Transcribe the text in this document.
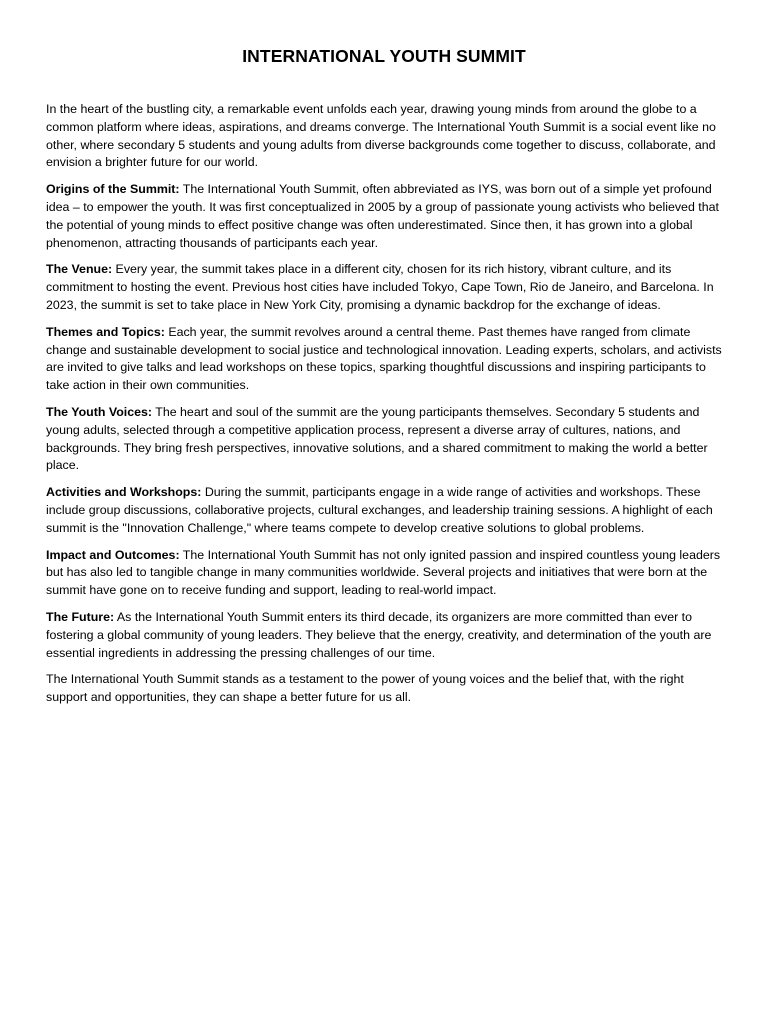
INTERNATIONAL YOUTH SUMMIT

In the heart of the bustling city, a remarkable event unfolds each year, drawing young minds from around the globe to a common platform where ideas, aspirations, and dreams converge. The International Youth Summit is a social event like no other, where secondary 5 students and young adults from diverse backgrounds come together to discuss, collaborate, and envision a brighter future for our world.

Origins of the Summit: The International Youth Summit, often abbreviated as IYS, was born out of a simple yet profound idea – to empower the youth. It was first conceptualized in 2005 by a group of passionate young activists who believed that the potential of young minds to effect positive change was often underestimated. Since then, it has grown into a global phenomenon, attracting thousands of participants each year.

The Venue: Every year, the summit takes place in a different city, chosen for its rich history, vibrant culture, and its commitment to hosting the event. Previous host cities have included Tokyo, Cape Town, Rio de Janeiro, and Barcelona. In 2023, the summit is set to take place in New York City, promising a dynamic backdrop for the exchange of ideas.

Themes and Topics: Each year, the summit revolves around a central theme. Past themes have ranged from climate change and sustainable development to social justice and technological innovation. Leading experts, scholars, and activists are invited to give talks and lead workshops on these topics, sparking thoughtful discussions and inspiring participants to take action in their own communities.

The Youth Voices: The heart and soul of the summit are the young participants themselves. Secondary 5 students and young adults, selected through a competitive application process, represent a diverse array of cultures, nations, and backgrounds. They bring fresh perspectives, innovative solutions, and a shared commitment to making the world a better place.

Activities and Workshops: During the summit, participants engage in a wide range of activities and workshops. These include group discussions, collaborative projects, cultural exchanges, and leadership training sessions. A highlight of each summit is the "Innovation Challenge," where teams compete to develop creative solutions to global problems.

Impact and Outcomes: The International Youth Summit has not only ignited passion and inspired countless young leaders but has also led to tangible change in many communities worldwide. Several projects and initiatives that were born at the summit have gone on to receive funding and support, leading to real-world impact.

The Future: As the International Youth Summit enters its third decade, its organizers are more committed than ever to fostering a global community of young leaders. They believe that the energy, creativity, and determination of the youth are essential ingredients in addressing the pressing challenges of our time.

The International Youth Summit stands as a testament to the power of young voices and the belief that, with the right support and opportunities, they can shape a better future for us all.
